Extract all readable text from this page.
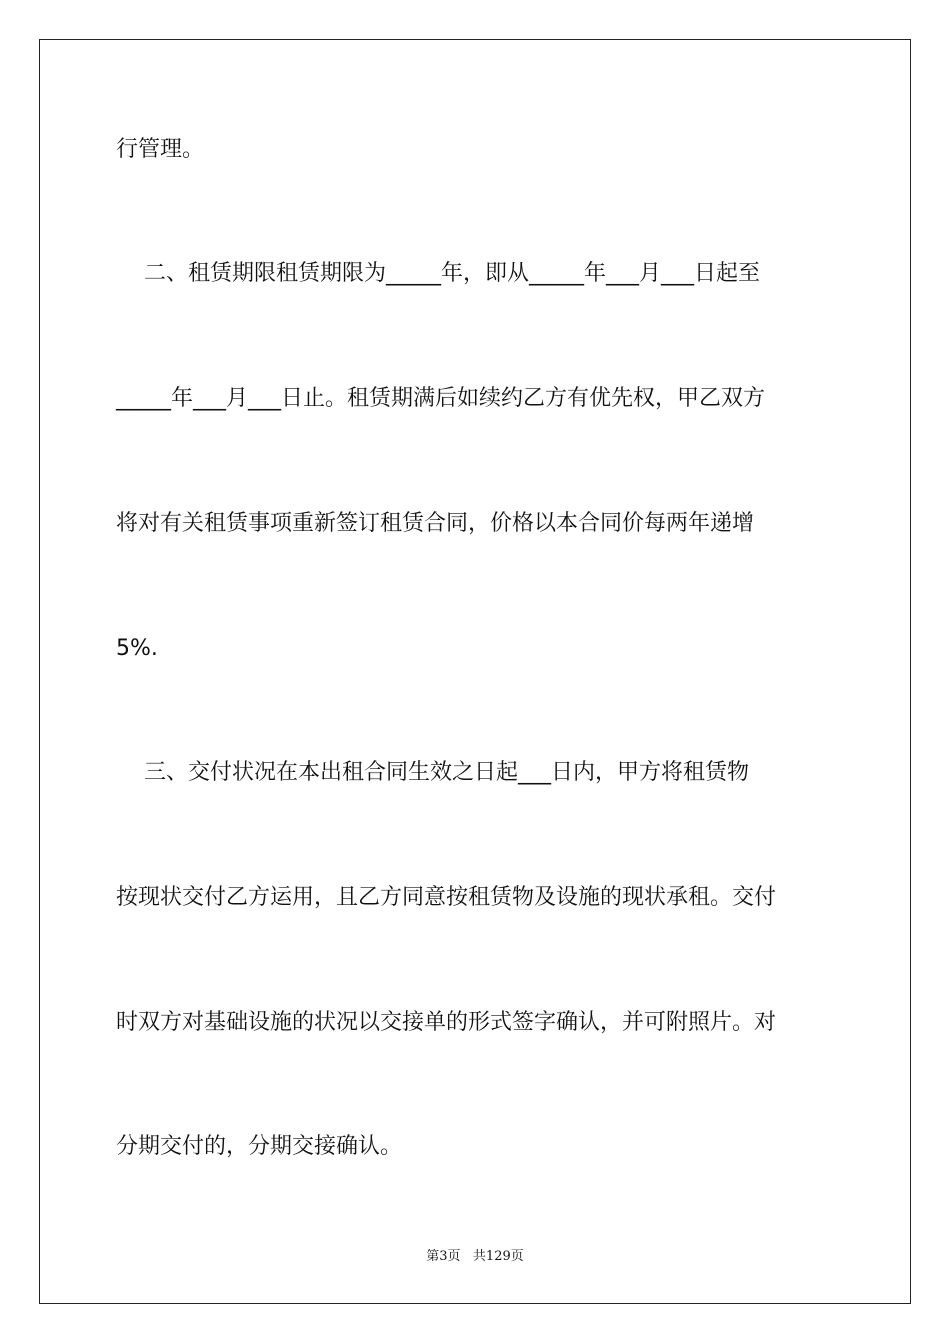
行管理。
二、租赁期限租赁期限为_____年，即从_____年___月___日起至
_____年___月___日止。租赁期满后如续约乙方有优先权，甲乙双方
将对有关租赁事项重新签订租赁合同，价格以本合同价每两年递增
5%.
三、交付状况在本出租合同生效之日起___日内，甲方将租赁物
按现状交付乙方运用，且乙方同意按租赁物及设施的现状承租。交付
时双方对基础设施的状况以交接单的形式签字确认，并可附照片。对
分期交付的，分期交接确认。
第3页   共129页
